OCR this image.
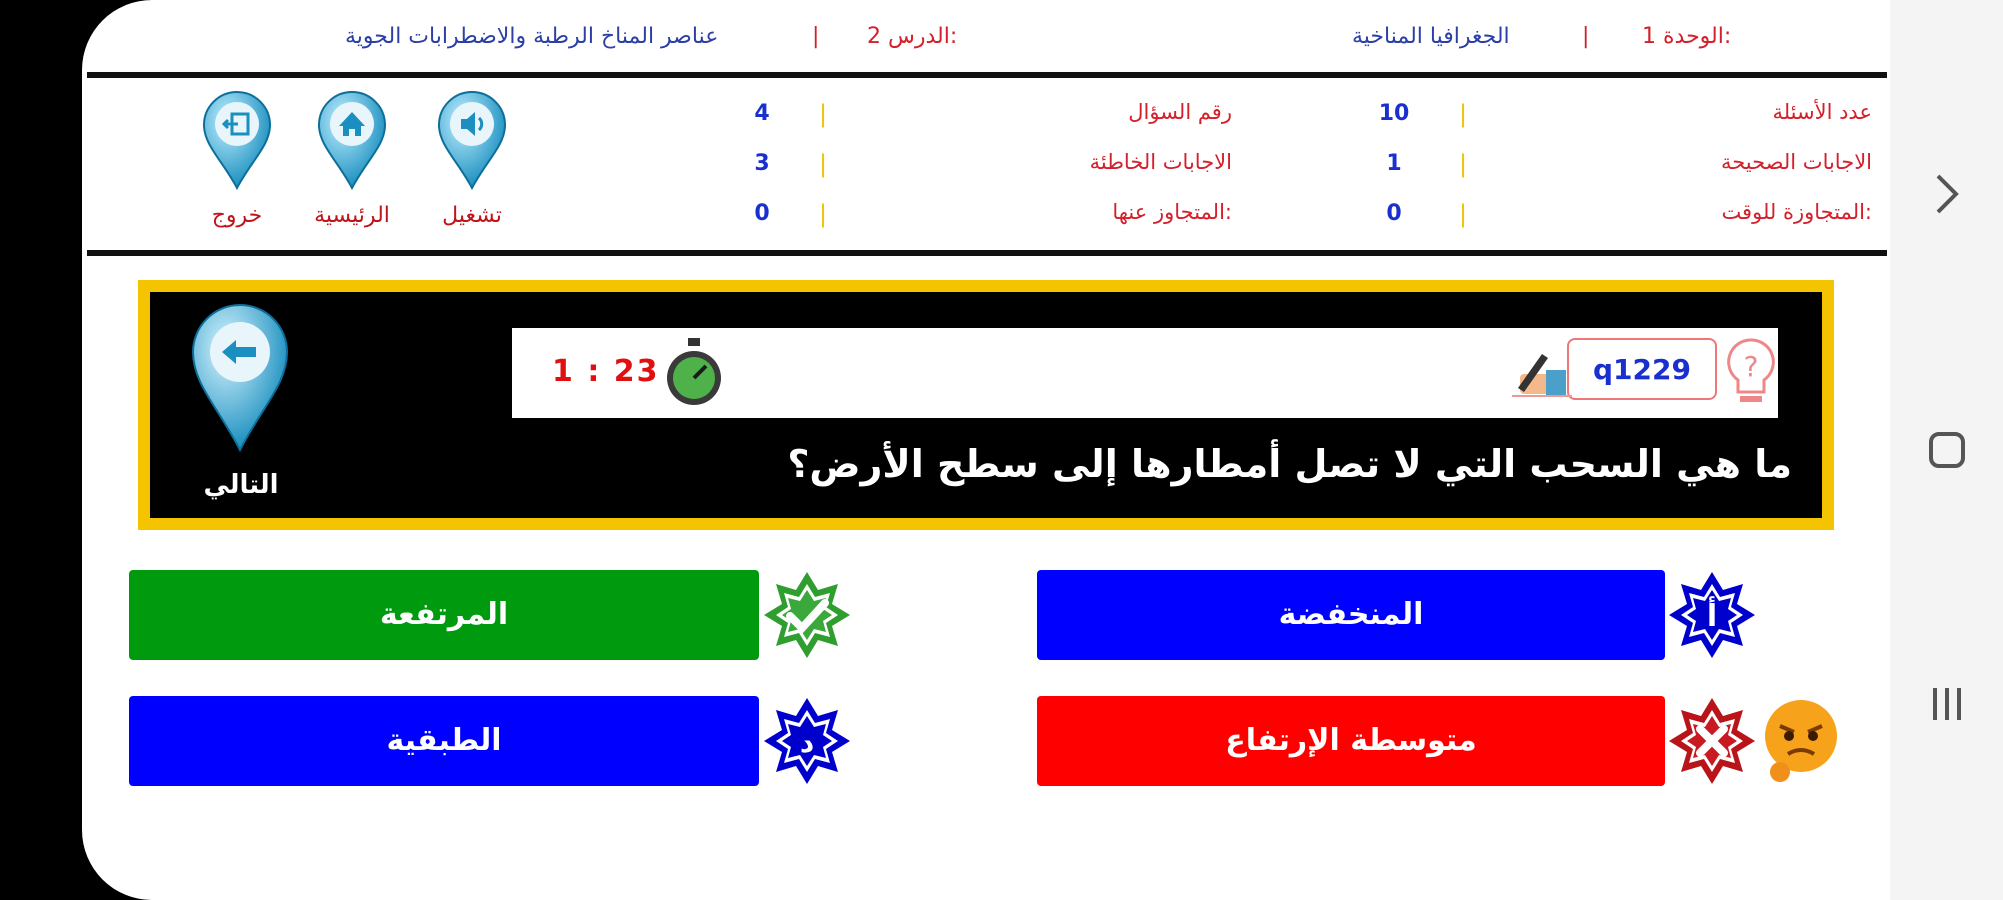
الوحدة 1:
|
الجغرافيا المناخية
الدرس 2:
|
عناصر المناخ الرطبة والاضطرابات الجوية
عدد الأسئلة
|
10
الاجابات الصحيحة
|
1
المتجاوزة للوقت:
|
0
رقم السؤال
|
4
الاجابات الخاطئة
|
3
المتجاوز عنها:
|
0
تشغيل
الرئيسية
خروج
التالي
1 : 23	q1229	?
ما هي السحب التي لا تصل أمطارها إلى سطح الأرض؟
المنخفضة	أ
المرتفعة
متوسطة الإرتفاع
الطبقية	د
